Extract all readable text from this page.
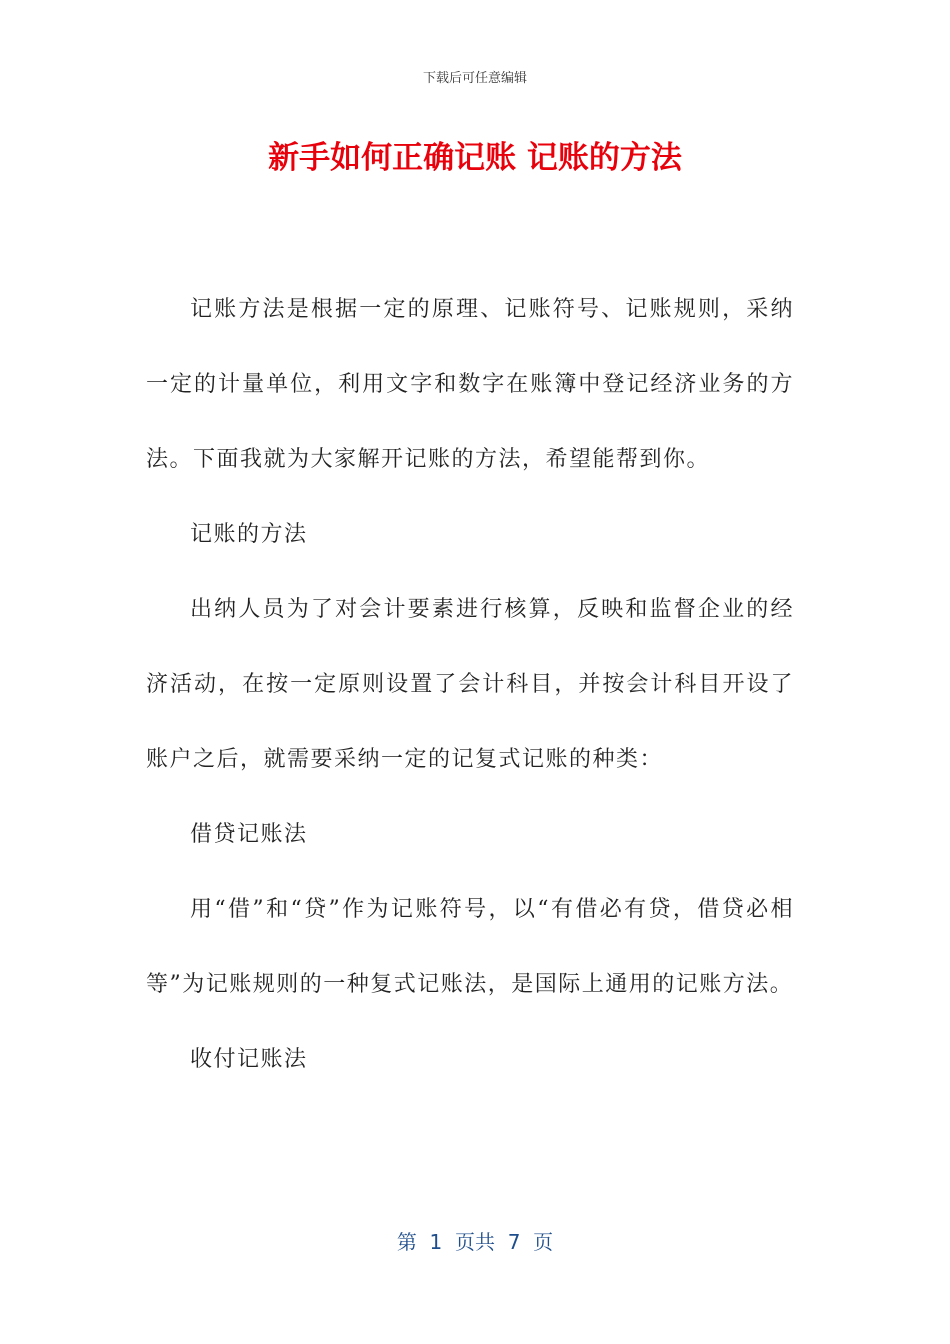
下载后可任意编辑
新手如何正确记账 记账的方法

记账方法是根据一定的原理、记账符号、记账规则，采纳一定的计量单位，利用文字和数字在账簿中登记经济业务的方法。下面我就为大家解开记账的方法，希望能帮到你。

记账的方法

出纳人员为了对会计要素进行核算，反映和监督企业的经济活动，在按一定原则设置了会计科目，并按会计科目开设了账户之后，就需要采纳一定的记复式记账的种类：

借贷记账法

用“借”和“贷”作为记账符号，以“有借必有贷，借贷必相等”为记账规则的一种复式记账法，是国际上通用的记账方法。

收付记账法

第  1  页共  7  页
